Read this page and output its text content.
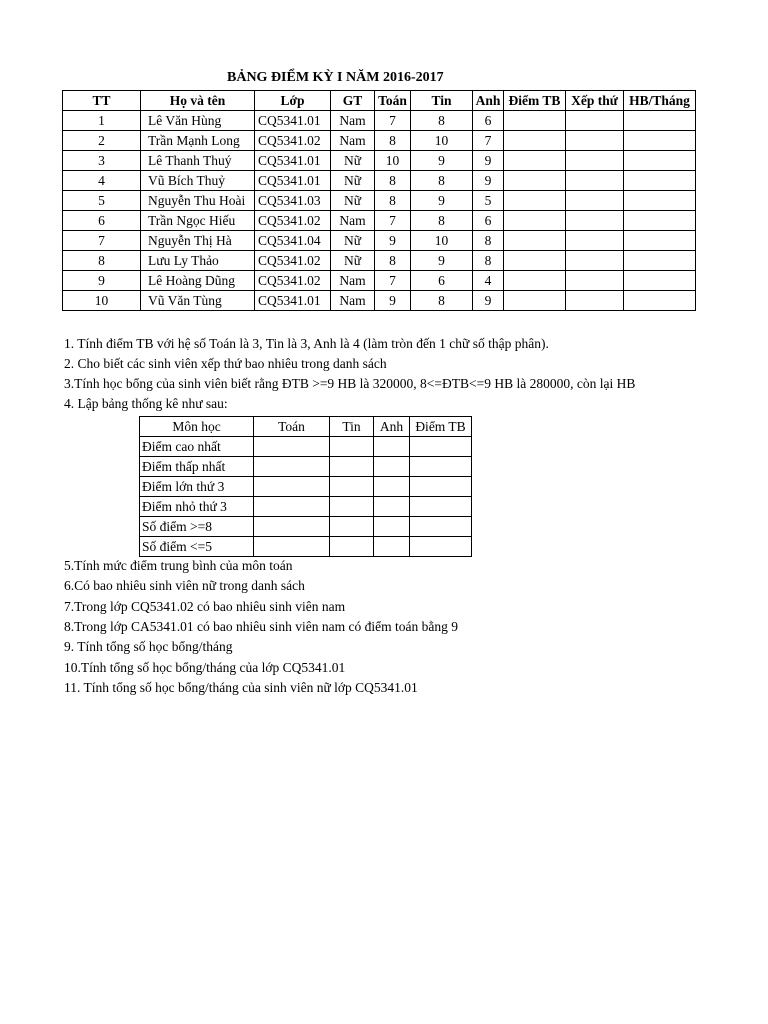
BẢNG ĐIỂM KỲ I NĂM 2016-2017
TT	Họ và tên	Lớp	GT	Toán	Tin	Anh	Điểm TB	Xếp thứ	HB/Tháng
1	Lê Văn Hùng	CQ5341.01	Nam	7	8	6			
2	Trần Mạnh Long	CQ5341.02	Nam	8	10	7			
3	Lê Thanh Thuý	CQ5341.01	Nữ	10	9	9			
4	Vũ Bích Thuỷ	CQ5341.01	Nữ	8	8	9			
5	Nguyễn Thu Hoài	CQ5341.03	Nữ	8	9	5			
6	Trần Ngọc Hiếu	CQ5341.02	Nam	7	8	6			
7	Nguyễn Thị Hà	CQ5341.04	Nữ	9	10	8			
8	Lưu Ly Thảo	CQ5341.02	Nữ	8	9	8			
9	Lê Hoàng Dũng	CQ5341.02	Nam	7	6	4			
10	Vũ Văn Tùng	CQ5341.01	Nam	9	8	9			
1. Tính điểm TB với hệ số Toán là 3, Tin là 3, Anh là 4 (làm tròn đến 1 chữ số thập phân).
2. Cho biết các sinh viên xếp thứ bao nhiêu trong danh sách
3.Tính học bổng của sinh viên biết rằng ĐTB >=9 HB là 320000, 8<=ĐTB<=9 HB là 280000, còn lại HB
4. Lập bảng thống kê như sau:
Môn học	Toán	Tin	Anh	Điểm TB
Điểm cao nhất				
Điểm thấp nhất				
Điểm lớn thứ 3				
Điểm nhỏ thứ 3				
Số điểm >=8				
Số điểm <=5				
5.Tính mức điểm trung bình của môn toán
6.Có bao nhiêu sinh viên nữ trong danh sách
7.Trong lớp CQ5341.02 có bao nhiêu sinh viên nam
8.Trong lớp CA5341.01 có bao nhiêu sinh viên nam có điểm toán bằng 9
9. Tính tổng số học bổng/tháng
10.Tính tổng số học bổng/tháng của lớp CQ5341.01
11. Tính tổng số học bổng/tháng của sinh viên nữ lớp CQ5341.01
